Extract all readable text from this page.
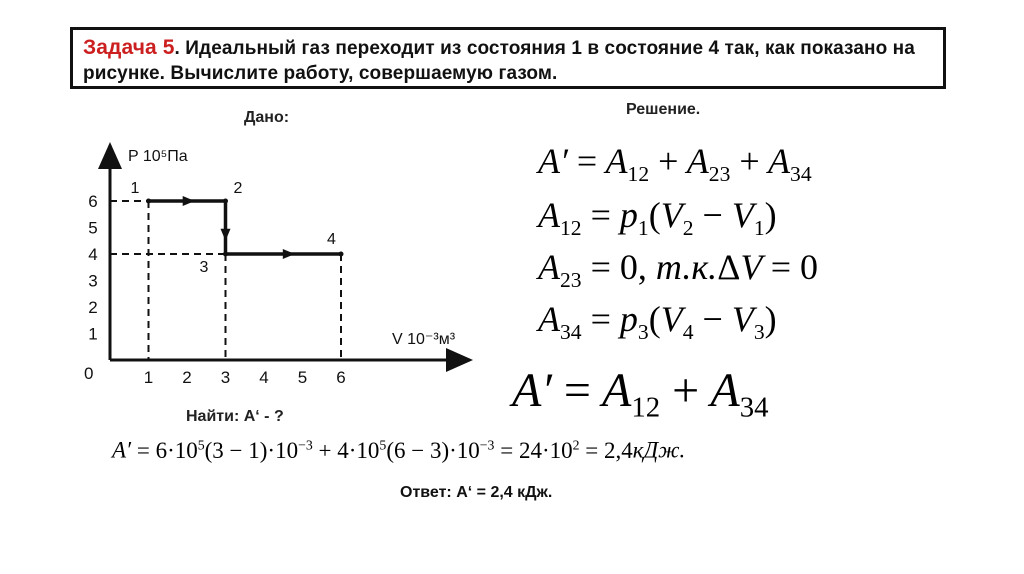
Задача 5. Идеальный газ переходит из состояния 1 в состояние 4 так, как показано на рисунке. Вычислите работу, совершаемую газом.
Дано:	Решение.
P 10⁵Па
V 10⁻³м³
0	1 2 3 4 5 6
1
2
3
4
5
6
1	2
3
4
$A' = A_{12} + A_{23} + A_{34}$
$A_{12} = p_1(V_2 - V_1)$
$A_{23} = 0$, т.к.ΔV = 0
$A_{34} = p_3(V_4 - V_3)$
$A' = A_{12} + A_{34}$
Найти: A‘ - ?
$A' = 6\cdot 10^5(3 - 1)\cdot 10^{-3} + 4\cdot 10^5(6 - 3)\cdot 10^{-3} = 24\cdot 10^2 = 2,4кДж$.
Ответ: A‘ = 2,4 кДж.
